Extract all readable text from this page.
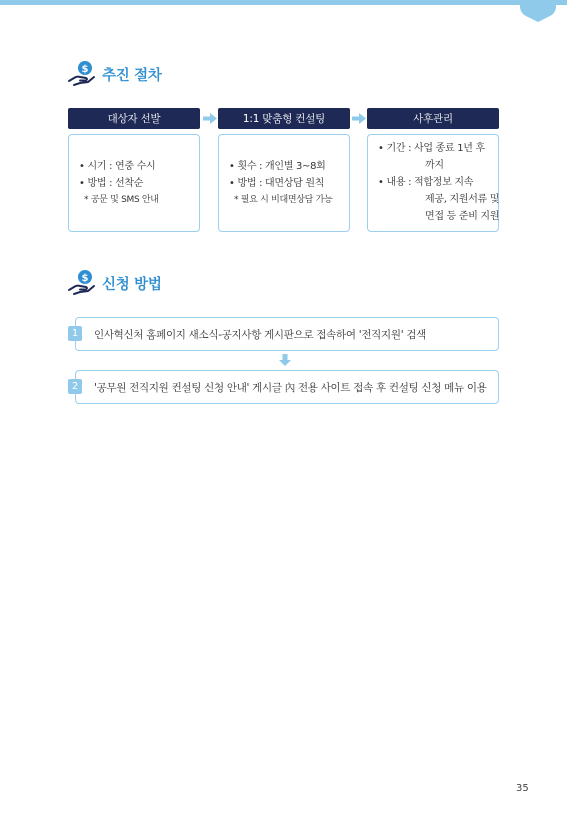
$ 추진 절차
대상자 선발	1:1 맞춤형 컨설팅	사후관리
• 시기 : 연중 수시
• 방법 : 선착순
* 공문 및 SMS 안내
• 횟수 : 개인별 3~8회
• 방법 : 대면상담 원칙
* 필요 시 비대면상담 가능
• 기간 : 사업 종료 1년 후
까지
• 내용 : 적합정보 지속
제공, 지원서류 및
면접 등 준비 지원
$ 신청 방법
인사혁신처 홈페이지 새소식-공지사항 게시판으로 접속하여 '전직지원' 검색
1
'공무원 전직지원 컨설팅 신청 안내' 게시글 內 전용 사이트 접속 후 컨설팅 신청 메뉴 이용
2
35
